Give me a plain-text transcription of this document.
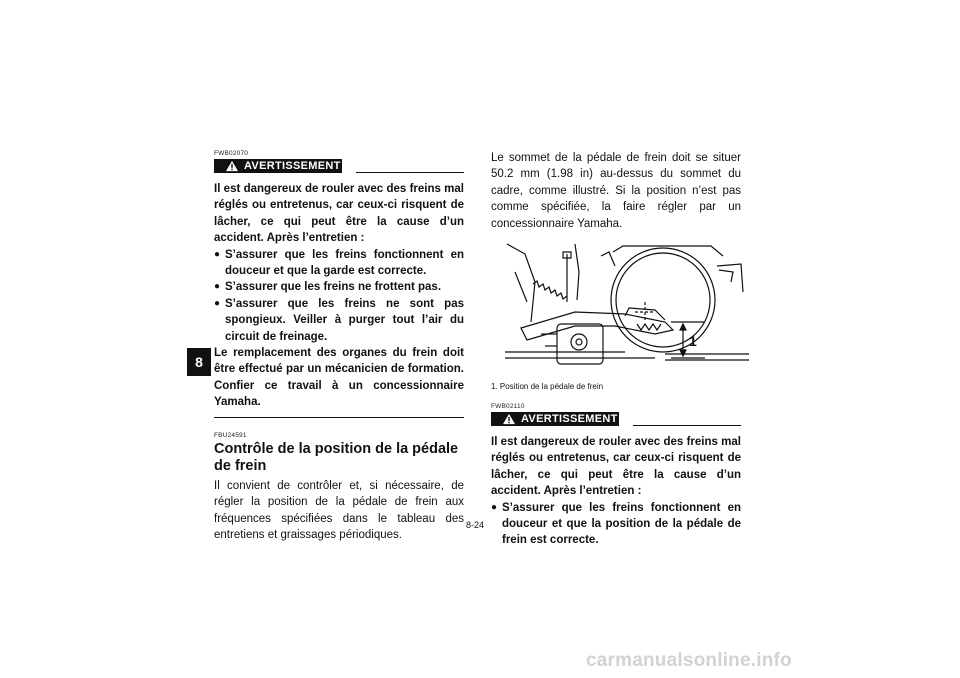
8
FWB02070
AVERTISSEMENT

Il est dangereux de rouler avec des freins mal réglés ou entretenus, car ceux-ci risquent de lâcher, ce qui peut être la cause d’un accident. Après l’entretien :

● S’assurer que les freins fonctionnent en douceur et que la garde est correcte.
● S’assurer que les freins ne frottent pas.
● S’assurer que les freins ne sont pas spongieux. Veiller à purger tout l’air du circuit de freinage.

Le remplacement des organes du frein doit être effectué par un mécanicien de formation. Confier ce travail à un concessionnaire Yamaha.

FBU24591
Contrôle de la position de la pédale de frein

Il convient de contrôler et, si nécessaire, de régler la position de la pédale de frein aux fréquences spécifiées dans le tableau des entretiens et graissages périodiques.

Le sommet de la pédale de frein doit se situer 50.2 mm (1.98 in) au-dessus du sommet du cadre, comme illustré. Si la position n’est pas comme spécifiée, la faire régler par un concessionnaire Yamaha.

1
1. Position de la pédale de frein
FWB02110
AVERTISSEMENT

Il est dangereux de rouler avec des freins mal réglés ou entretenus, car ceux-ci risquent de lâcher, ce qui peut être la cause d’un accident. Après l’entretien :

● S’assurer que les freins fonctionnent en douceur et que la position de la pédale de frein est correcte.
8-24
carmanualsonline.info
